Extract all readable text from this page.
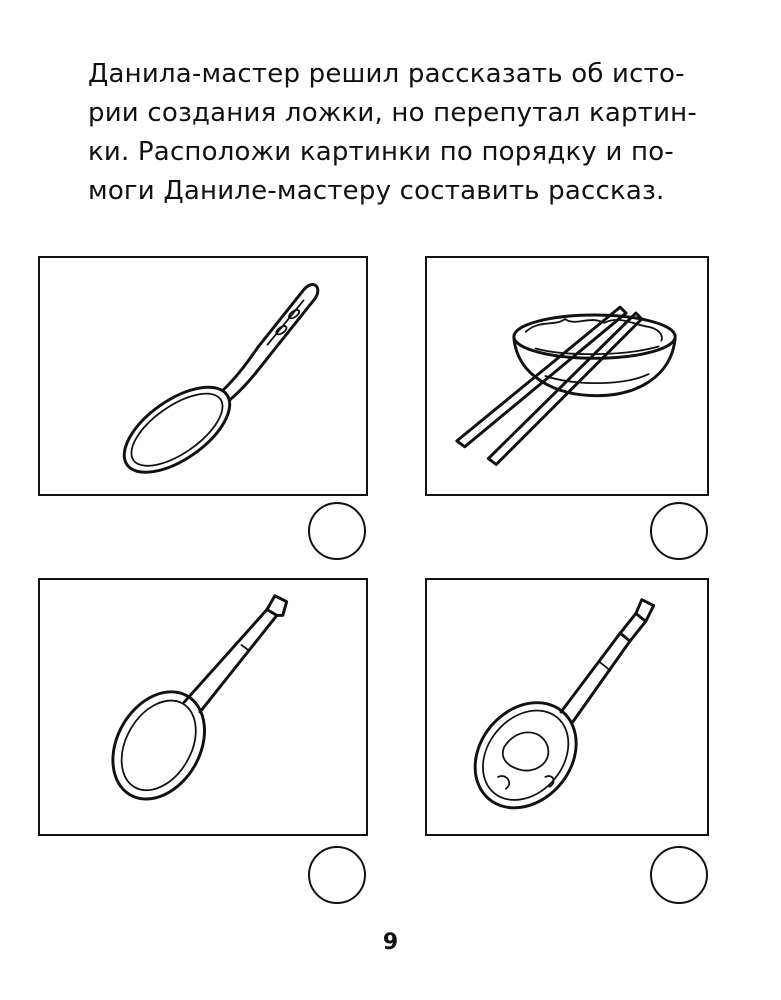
Данила-мастер решил рассказать об исто-
рии создания ложки, но перепутал картин-
ки. Расположи картинки по порядку и по-
моги Даниле-мастеру составить рассказ.
9
